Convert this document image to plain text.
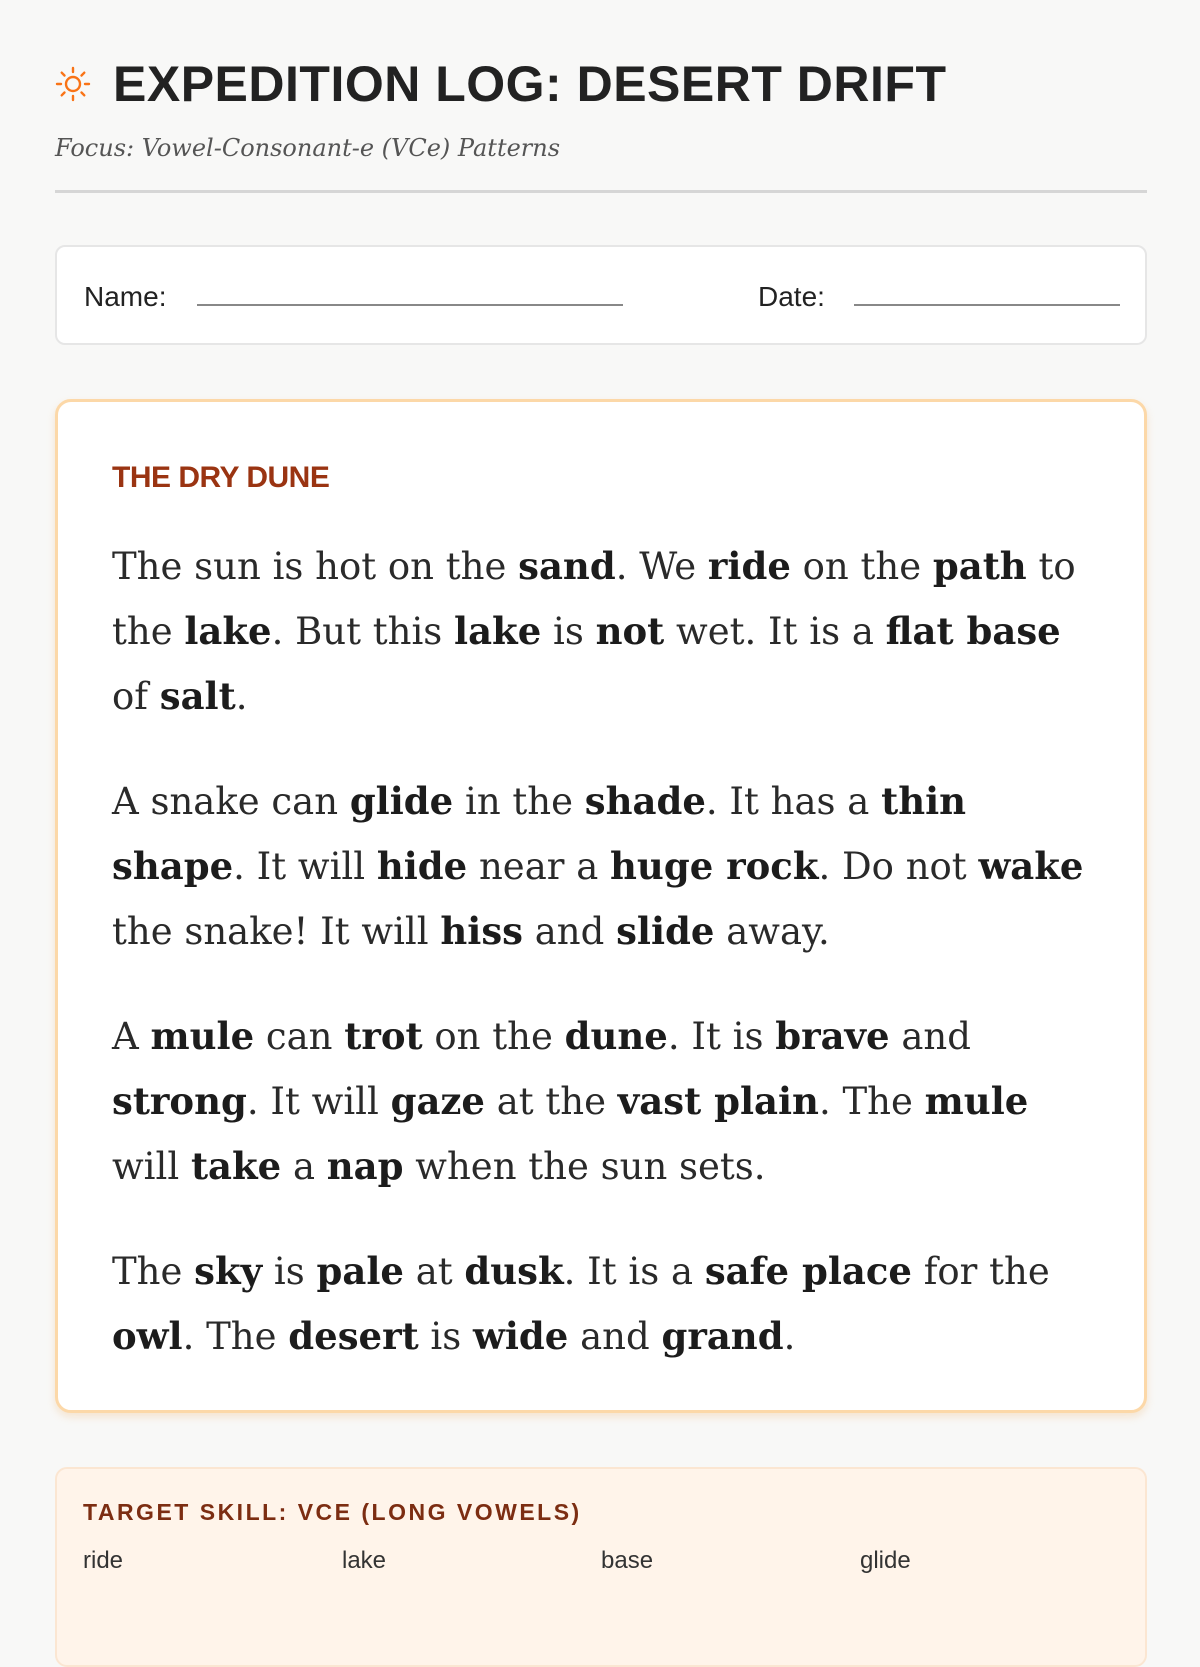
EXPEDITION LOG: DESERT DRIFT

Focus: Vowel-Consonant-e (VCe) Patterns

Name:	Date:
THE DRY DUNE

The sun is hot on the sand. We ride on the path to the lake. But this lake is not wet. It is a flat base of salt.

A snake can glide in the shade. It has a thin shape. It will hide near a huge rock. Do not wake the snake! It will hiss and slide away.

A mule can trot on the dune. It is brave and strong. It will gaze at the vast plain. The mule will take a nap when the sun sets.

The sky is pale at dusk. It is a safe place for the owl. The desert is wide and grand.

TARGET SKILL: VCE (LONG VOWELS)
ride	lake	base	glide
